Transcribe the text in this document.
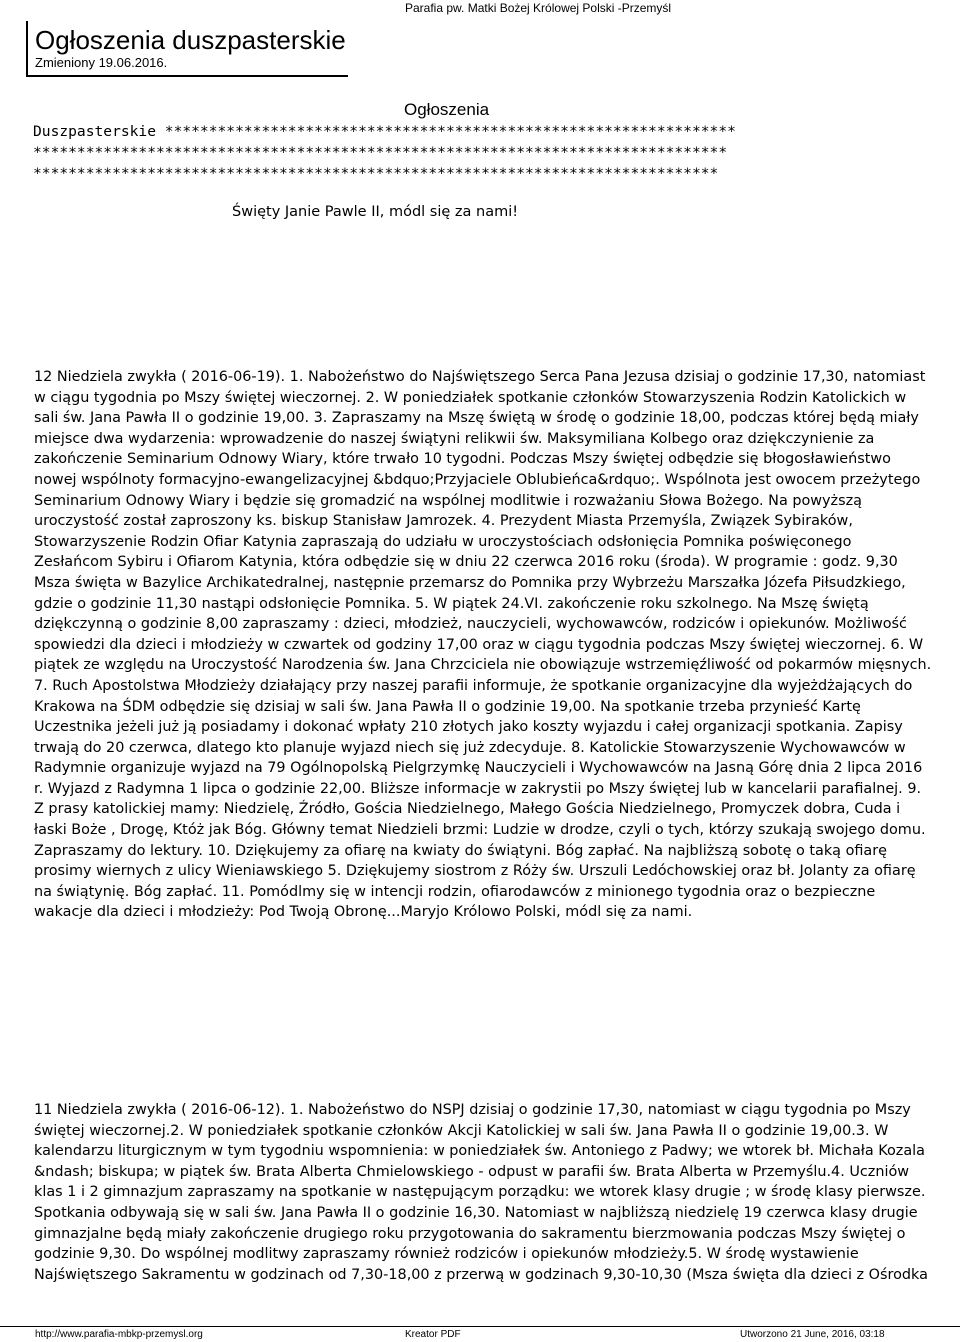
Parafia pw. Matki Bożej Królowej Polski -Przemyśl
Ogłoszenia duszpasterskie
Zmieniony 19.06.2016.
Ogłoszenia
Duszpasterskie *****************************************************************
*******************************************************************************
******************************************************************************
Święty Janie Pawle II, módl się za nami!

12 Niedziela zwykła ( 2016-06-19). 1. Nabożeństwo do Najświętszego Serca Pana Jezusa dzisiaj o godzinie 17,30, natomiast w ciągu tygodnia po Mszy świętej wieczornej. 2. W poniedziałek spotkanie członków Stowarzyszenia Rodzin Katolickich w sali św. Jana Pawła II o godzinie 19,00. 3. Zapraszamy na Mszę świętą w środę o godzinie 18,00, podczas której będą miały miejsce dwa wydarzenia: wprowadzenie do naszej świątyni relikwii św. Maksymiliana Kolbego oraz dziękczynienie za zakończenie Seminarium Odnowy Wiary, które trwało 10 tygodni. Podczas Mszy świętej odbędzie się błogosławieństwo nowej wspólnoty formacyjno-ewangelizacyjnej &bdquo;Przyjaciele Oblubieńca&rdquo;. Wspólnota jest owocem przeżytego Seminarium Odnowy Wiary i będzie się gromadzić na wspólnej modlitwie i rozważaniu Słowa Bożego. Na powyższą uroczystość został zaproszony ks. biskup Stanisław Jamrozek. 4. Prezydent Miasta Przemyśla, Związek Sybiraków, Stowarzyszenie Rodzin Ofiar Katynia zapraszają do udziału w uroczystościach odsłonięcia Pomnika poświęconego Zesłańcom Sybiru i Ofiarom Katynia, która odbędzie się w dniu 22 czerwca 2016 roku (środa). W programie : godz. 9,30 Msza święta w Bazylice Archikatedralnej, następnie przemarsz do Pomnika przy Wybrzeżu Marszałka Józefa Piłsudzkiego, gdzie o godzinie 11,30 nastąpi odsłonięcie Pomnika. 5. W piątek 24.VI. zakończenie roku szkolnego. Na Mszę świętą dziękczynną o godzinie 8,00 zapraszamy : dzieci, młodzież, nauczycieli, wychowawców, rodziców i opiekunów. Możliwość spowiedzi dla dzieci i młodzieży w czwartek od godziny 17,00 oraz w ciągu tygodnia podczas Mszy świętej wieczornej. 6. W piątek ze względu na Uroczystość Narodzenia św. Jana Chrzciciela nie obowiązuje wstrzemięźliwość od pokarmów mięsnych. 7. Ruch Apostolstwa Młodzieży działający przy naszej parafii informuje, że spotkanie organizacyjne dla wyjeżdżających do Krakowa na ŚDM odbędzie się dzisiaj w sali św. Jana Pawła II o godzinie 19,00. Na spotkanie trzeba przynieść Kartę Uczestnika jeżeli już ją posiadamy i dokonać wpłaty 210 złotych jako koszty wyjazdu i całej organizacji spotkania. Zapisy trwają do 20 czerwca, dlatego kto planuje wyjazd niech się już zdecyduje. 8. Katolickie Stowarzyszenie Wychowawców w Radymnie organizuje wyjazd na 79 Ogólnopolską Pielgrzymkę Nauczycieli i Wychowawców na Jasną Górę dnia 2 lipca 2016 r. Wyjazd z Radymna 1 lipca o godzinie 22,00. Bliższe informacje w zakrystii po Mszy świętej lub w kancelarii parafialnej. 9. Z prasy katolickiej mamy: Niedzielę, Źródło, Gościa Niedzielnego, Małego Gościa Niedzielnego, Promyczek dobra, Cuda i łaski Boże , Drogę, Któż jak Bóg. Główny temat Niedzieli brzmi: Ludzie w drodze, czyli o tych, którzy szukają swojego domu. Zapraszamy do lektury. 10. Dziękujemy za ofiarę na kwiaty do świątyni. Bóg zapłać. Na najbliższą sobotę o taką ofiarę prosimy wiernych z ulicy Wieniawskiego 5. Dziękujemy siostrom z Róży św. Urszuli Ledóchowskiej oraz bł. Jolanty za ofiarę na świątynię. Bóg zapłać. 11. Pomódlmy się w intencji rodzin, ofiarodawców z minionego tygodnia oraz o bezpieczne wakacje dla dzieci i młodzieży: Pod Twoją Obronę...Maryjo Królowo Polski, módl się za nami.

11 Niedziela zwykła ( 2016-06-12). 1. Nabożeństwo do NSPJ dzisiaj o godzinie 17,30, natomiast w ciągu tygodnia po Mszy świętej wieczornej.2. W poniedziałek spotkanie członków Akcji Katolickiej w sali św. Jana Pawła II o godzinie 19,00.3. W kalendarzu liturgicznym w tym tygodniu wspomnienia: w poniedziałek św. Antoniego z Padwy; we wtorek bł. Michała Kozala &ndash; biskupa; w piątek św. Brata Alberta Chmielowskiego - odpust w parafii św. Brata Alberta w Przemyślu.4. Uczniów klas 1 i 2 gimnazjum zapraszamy na spotkanie w następującym porządku: we wtorek klasy drugie ; w środę klasy pierwsze. Spotkania odbywają się w sali św. Jana Pawła II o godzinie 16,30. Natomiast w najbliższą niedzielę 19 czerwca klasy drugie gimnazjalne będą miały zakończenie drugiego roku przygotowania do sakramentu bierzmowania podczas Mszy świętej o godzinie 9,30. Do wspólnej modlitwy zapraszamy również rodziców i opiekunów młodzieży.5. W środę wystawienie Najświętszego Sakramentu w godzinach od 7,30-18,00 z przerwą w godzinach 9,30-10,30 (Msza święta dla dzieci z Ośrodka

http://www.parafia-mbkp-przemysl.org	Kreator PDF	Utworzono 21 June, 2016, 03:18
